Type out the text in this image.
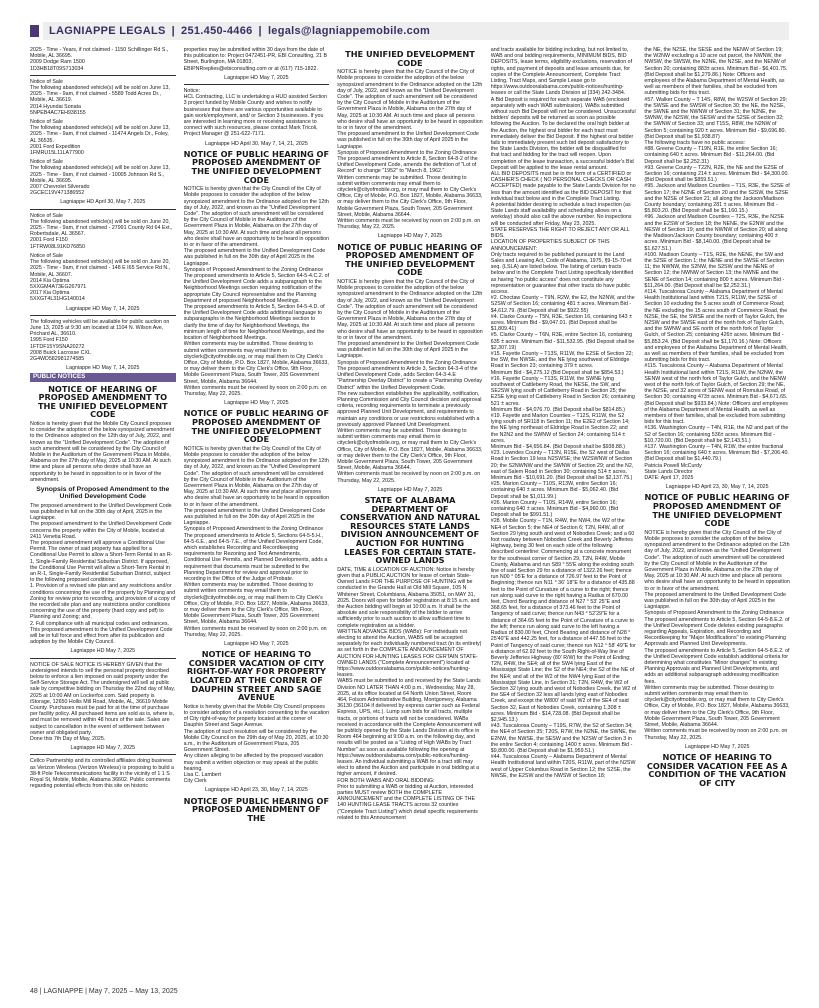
LAGNIAPPE LEGALS | 251.450-4466 | legals@lagniappemobile.com

2025 - Time - Years, if not claimed - 1150 Schillinger Rd S., Mobile, AL 36695.
2009 Dodge Ram 1500
1D3HB18T09S713034

Notice of Sale
The following abandoned vehicle(s) will be sold on June 13, 2025 - Time - 9am, if not claimed - 5589 Todd Acres Dr., Mobile, AL 36619.
2014 Hyundai Sonata
5NPEB4AC7EH938155

Notice of Sale
The following abandoned vehicle(s) will be sold on June 13, 2025 - Time - 9am, if not claimed - 11474 Angels Dr., Foley, AL 36535.
2001 Ford Expedition
1FMRU15L11LA77900

Notice of Sale
The following abandoned vehicle(s) will be sold on June 13, 2025 - Time - 9am, if not claimed - 10005 Johnson Rd S., Mobile, AL 36695.
2007 Chevrolet Silverado
2GCEC19V471386552

Lagniappe HD April 30, May 7, 2025

Notice of Sale
The following abandoned vehicle(s) will be sold on June 20, 2025 - Time - 9am, if not claimed - 27991 County Rd 64 Ext., Robertsdale, AL 36567.
2001 Ford F150
1FTRW08L91KD76850

Notice of Sale
The following abandoned vehicle(s) will be sold on June 20, 2025 - Time - 9am, if not claimed - 148 E I65 Service Rd N., Mobile, AL 36607.
2014 Kia Optima
5XXGM4A73EG267971
2017 Kia Optima
5XXGT4L31HG140014

Lagniappe HD May 7, 14, 2025

The following vehicles will be available for public auction on June 13, 2025 at 9:30 am located at 1104 N. Wilson Ave, Prichard AL, 36610.
1995 Ford F150
1FTDF15Y9SNA20272
2008 Buick Lacrosse CXL
2G4WD582981274585

Lagniappe HD May 7, 14, 2025
PUBLIC NOTICES
NOTICE OF HEARING OF PROPOSED AMENDMENT TO THE UNIFIED DEVELOPMENT CODE

Notice is hereby given that the Mobile City Council proposes to consider the adoption of the below synopsized amendment to the Ordinance adopted on the 12th day of July, 2022, and known as the "Unified Development Code". The adoption of such amendment will be considered by the City Council of Mobile in the Auditorium of the Government Plaza in Mobile, Alabama on the 27th day of May, 2025 at 10:30 AM. At such time and place all persons who desire shall have an opportunity to be heard in opposition to or in favor of the amendment.

Synopsis of Proposed Amendment to the Unified Development Code

The proposed amendment to the Unified Development Code was published in full on the 30th day of April, 2025 in the Lagniappe.
The proposed amendment to the Unified Development Code concerns the property within the City of Mobile, located at 2411 Venetia Road.
The proposed amendment will approve a Conditional Use Permit. The owner of said property has applied for a Conditional Use Permit to allow a Short-Term Rental in an R-1, Single-Family Residential Suburban District. If approved, the Conditional Use Permit will allow a Short-Term Rental in an R-1, Single-Family Residential Suburban District, subject to the following proposed conditions:
1. Provision of a revised site plan and any restrictions and/or conditions concerning the use of the property by Planning and Zoning for review prior to recording, and provision of a copy of the recorded site plan and any restrictions and/or conditions concerning the use of the property (hard copy and pdf) to Planning and Zoning; and,
2. Full compliance with all municipal codes and ordinances. This proposed amendment to the Unified Development Code will be in full force and effect from after its publication and adoption by the Mobile City Council.

Lagniappe HD May 7, 2025

NOTICE OF SALE NOTICE IS HEREBY GIVEN that the undersigned intends to sell the personal property described below to enforce a lien imposed on said property under the Self-Service Storage Act. The undersigned will sell at public sale by competitive bidding on Thursday the 22nd day of May, 2025 at 10:00 AM on Lockerfox.com. Said property is iStorage, 12650 Hollis Mill Road, Mobile, AL, 36619 Mobile County. Purchases must be paid for at the time of purchase per facility policy. All purchased items are sold as is, where is, and must be removed within 48 hours of the sale. Sales are subject to cancellation in the event of settlement between owner and obligated party.
Done this 7th Day of May, 2025.

Lagniappe HD May 7, 2025

Cellco Partnership and its controlled affiliates doing business as Verizon Wireless (Verizon Wireless) is proposing to build a 38-ft Pole Telecommunications facility in the vicinity of 1 1 S Royal St, Mobile, Mobile, Alabama 36602. Public comments regarding potential effects from this site on historic

properties may be submitted within 30 days from the date of this publication to: Project 0472451-PR, EBI Consulting, 21 B Street, Burlington, MA 01803, EBIPNRreplies@ebiconsulting.com or at (617) 715-1822.

Lagniappe HD May 7, 2025

Notice:
HCL Contracting, LLC is undertaking a HUD assisted Section 3 project funded by Mobile County and wishes to notify businesses that there are various opportunities available to gain work/employment, and/ or Section 3 businesses. If you are interested in learning more or receiving assistance to connect with such resources, please contact Mark Tricoli, Project Manager @ 251-622-7171.

Lagniappe HD April 30, May 7, 14, 21, 2025
NOTICE OF PUBLIC HEARING OF PROPOSED AMENDMENT OF THE UNIFIED DEVELOPMENT CODE

NOTICE is hereby given that the City Council of the City of Mobile proposes to consider the adoption of the below synopsized amendment to the Ordinance adopted on the 12th day of July, 2022, and known as the "Unified Development Code". The adoption of such amendment will be considered by the City Council of Mobile in the Auditorium of the Government Plaza in Mobile, Alabama on the 27th day of May, 2025 at 10:30 AM. At such time and place all persons who desire shall have an opportunity to be heard in opposition to or in favor of the amendment.
The proposed amendment to the Unified Development Code was published in full on the 30th day of April 2025 in the Lagniappe.
Synopsis of Proposed Amendment to the Zoning Ordinance
The proposed amendments to Article 5, Section 64-5-4.C.2. of the Unified Development Code adds a subparagraph to the Neighborhood Meetings section requiring notification of the appropriate City Council representative and the Planning Department of proposed Neighborhood Meetings.
The proposed amendments to Article 5, Section 64-5-4.D. of the Unified Development Code adds additional language to subparagraphs in the Neighborhood Meetings section to clarify the time of day for Neighborhood Meetings, the minimum length of time for Neighborhood Meetings, and the location of Neighborhood Meetings.
Written comments may be submitted. Those desiring to submit written comments may email them to cityclerk@cityofmobile.org, or may mail them to City Clerk's Office, City of Mobile, P.O. Box 1827, Mobile, Alabama 36633, or may deliver them to the City Clerk's Office, 9th Floor, Mobile Government Plaza, South Tower, 205 Government Street, Mobile, Alabama 36644.
Written comments must be received by noon on 2:00 p.m. on Thursday, May 22, 2025.

Lagniappe HD May 7, 2025
NOTICE OF PUBLIC HEARING OF PROPOSED AMENDMENT OF THE UNIFIED DEVELOPMENT CODE

NOTICE is hereby given that the City Council of the City of Mobile proposes to consider the adoption of the below synopsized amendment to the Ordinance adopted on the 12th day of July, 2022, and known as the "Unified Development Code". The adoption of such amendment will be considered by the City Council of Mobile in the Auditorium of the Government Plaza in Mobile, Alabama on the 27th day of May, 2025 at 10:30 AM. At such time and place all persons who desire shall have an opportunity to be heard in opposition to or in favor of the amendment.
The proposed amendment to the Unified Development Code was published in full on the 30th day of April 2025 in the Lagniappe.
Synopsis of Proposed Amendment to the Zoning Ordinance
The proposed amendments to Article 5, Sections 64-5-5.H., 64-5-6.E., and 64-5-7.E., of the Unified Development Code, which establishes Recording and Recordkeeping requirements for Rezoning and Text Amendments, Conditional Use Permits, and Planned Developments, adds a requirement that documents must be submitted to the Planning Department for review and approval prior to recording in the Office of the Judge of Probate.
Written comments may be submitted. Those desiring to submit written comments may email them to cityclerk@cityofmobile.org, or may mail them to City Clerk's Office, City of Mobile, P.O. Box 1827, Mobile, Alabama 36633, or may deliver them to the City Clerk's Office, 9th Floor, Mobile Government Plaza, South Tower, 205 Government Street, Mobile, Alabama 36644.
Written comments must be received by noon on 2:00 p.m. on Thursday, May 22, 2025.

Lagniappe HD May 7, 2025
NOTICE OF HEARING TO CONSIDER VACATION OF CITY RIGHT-OF-WAY FOR PROPERTY LOCATED AT THE CORNER OF DAUPHIN STREET AND SAGE AVENUE

Notice is hereby given that the Mobile City Council proposes to consider adoption of a resolution consenting to the vacation of City right-of-way for property located at the corner of Dauphin Street and Sage Avenue.
The adoption of such resolution will be considered by the Mobile City Council on the 29th day of May 20, 2025, at 10:30 a.m., in the Auditorium of Government Plaza, 205 Government Street.
Any citizen alleging to be affected by the proposed vacation may submit a written objection or may speak at the public hearing.
Lisa C. Lambert
City Clerk

Lagniappe HD April 23, 30, May 7, 14, 2025
NOTICE OF PUBLIC HEARING OF PROPOSED AMENDMENT OF THE
THE UNIFIED DEVELOPMENT CODE

NOTICE is hereby given that the City Council of the City of Mobile proposes to consider the adoption of the below synopsized amendment to the Ordinance adopted on the 12th day of July, 2022, and known as the "Unified Development Code". The adoption of such amendment will be considered by the City Council of Mobile in the Auditorium of the Government Plaza in Mobile, Alabama on the 27th day of May, 2025 at 10:30 AM. At such time and place all persons who desire shall have an opportunity to be heard in opposition to or in favor of the amendment.
The proposed amendment to the Unified Development Code was published in full on the 30th day of April 2025 in the Lagniappe.
Synopsis of Proposed Amendment to the Zoning Ordinance
The proposed amendment to Article 8, Section 64-8-2 of the Unified Development Code, amends the definition of "Lot of Record" to change "1952" to "March 8, 1962."
Written comments may be submitted. Those desiring to submit written comments may email them to cityclerk@cityofmobile.org, or may mail them to City Clerk's Office, City of Mobile, P.O. Box 1827, Mobile, Alabama 36633, or may deliver them to the City Clerk's Office, 9th Floor, Mobile Government Plaza, South Tower, 205 Government Street, Mobile, Alabama 36644.
Written comments must be received by noon on 2:00 p.m. on Thursday, May 22, 2025.

Lagniappe HD May 7, 2025
NOTICE OF PUBLIC HEARING OF PROPOSED AMENDMENT OF THE UNIFIED DEVELOPMENT CODE

NOTICE is hereby given that the City Council of the City of Mobile proposes to consider the adoption of the below synopsized amendment to the Ordinance adopted on the 12th day of July, 2022, and known as the "Unified Development Code". The adoption of such amendment will be considered by the City Council of Mobile in the Auditorium of the Government Plaza in Mobile, Alabama on the 27th day of May, 2025 at 10:30 AM. At such time and place all persons who desire shall have an opportunity to be heard in opposition to or in favor of the amendment.
The proposed amendment to the Unified Development Code was published in full on the 30th day of April 2025 in the Lagniappe.
Synopsis of Proposed Amendment to the Zoning Ordinance
The proposed amendment to Article 3, Section 64-3-4 of the Unified Development Code, adds Section 64-3-4.E "Partnership Overlay District" to create a "Partnership Overlay District" within the Unified Development Code.
The new subsection establishes the applicability, notification, Planning Commission and City Council decision and approval criteria, recording requirements to terminate a previously approved Planned Unit Development, and requirements to maintain any conditions or use restrictions established with a previously approved Planned Unit Development.
Written comments may be submitted. Those desiring to submit written comments may email them to cityclerk@cityofmobile.org, or may mail them to City Clerk's Office, City of Mobile, P.O. Box 1827, Mobile, Alabama 36633, or may deliver them to the City Clerk's Office, 9th Floor, Mobile Government Plaza, South Tower, 205 Government Street, Mobile, Alabama 36644.
Written comments must be received by noon on 2:00 p.m. on Thursday, May 22, 2025.

Lagniappe HD May 7, 2025
STATE OF ALABAMA DEPARTMENT OF CONSERVATION AND NATURAL RESOURCES STATE LANDS DIVISION ANNOUNCEMENT OF AUCTION FOR HUNTING LEASES FOR CERTAIN STATE-OWNED LANDS

DATE, TIME & LOCATION OF AUCTION: Notice is hereby given that a PUBLIC AUCTION for lease of certain State-Owned Lands FOR THE PURPOSE OF HUNTING will be conducted in the Grande Hall at Old Mill Square, 105 N Whitener Street, Columbiana, Alabama 35051, on MAY 31, 2025. Doors will open for bidder registration at 8:15 a.m. and the Auction bidding will begin at 10:00 a.m. It shall be the absolute and sole responsibility of the bidder to arrive sufficiently prior to such auction to allow sufficient time to complete registration as a bidder.
WRITTEN ADVANCE BIDS (WABs): For individuals not electing to attend the Auction, WABS will be accepted separately for each individually numbered tract (in its entirety) as set forth in the COMPLETE ANNOUNCEMENT OF AUCTION FOR HUNTING LEASES FOR CERTAIN STATE-OWNED LANDS ("Complete Announcement") located at https://www.outdooralabama.com/public-notices/hunting-leases.
WABS must be submitted to and received by the State Lands Division NO LATER THAN 4:00 p.m., Wednesday, May 28, 2025, at its office located at 64 North Union Street, Room 464, Folsom Administrative Building, Montgomery, Alabama 36130 (36104 if delivered by express carrier such as Federal Express, UPS, etc.). Lump sum bids for all tracts, multiple tracts, or portions of tracts will not be considered. WABs received in accordance with the Complete Announcement will be publicly opened by the State Lands Division at its office in Room 464 beginning at 9:00 a.m. on the following day, and results will be posted as a "Listing of High WABs by Tract Number" as soon as available following the opening at https://www.outdooralabama.com/public-notices/hunting-leases. An individual submitting a WAB for a tract still may elect to attend the Auction and participate in oral bidding at a higher amount, if desired.
FOR BOTH WABS AND ORAL BIDDING:
Prior to submitting a WAB or bidding at Auction, interested parties MUST review BOTH the COMPLETE ANNOUNCEMENT and the COMPLETE LISTING OF THE 140 HUNTING LEASE TRACTS across 32 counties ("Complete Tract Listing") which detail specific requirements related to this Announcement

and tracts available for bidding including, but not limited to, WAB and oral bidding requirements, MINIMUM BIDS, BID DEPOSITS, lease terms, eligibility exclusions, reservation of rights, and payment of deposits and lease amounts due, for copies of the Complete Announcement, Complete Tract Listing, Tract Maps, and Sample Lease go to https://www.outdooralabama.com/public-notices/hunting-leases or call the State Lands Division at (334) 242-3484.
A Bid Deposit is required for each separate WAB (enclosed separately with each WAB submission). WABs submitted without such Bid Deposit will not be considered. Unsuccessful bidders' deposits will be returned as soon as possible following the Auction. To be declared the oral high bidder at the Auction, the highest oral bidder for each tract must immediately deliver the Bid Deposit. If the highest oral bidder fails to immediately present such bid deposit satisfactory to the State Lands Division, the bidder will be disqualified for that tract and bidding for the tract will reopen. Upon completion of the lease transaction, a successful bidder's Bid Deposit will be applied to the lease rental amount.
ALL BID DEPOSITS must be in the form of a CERTIFIED or CASHIER'S CHECK ( NO PERSONAL CHECKS OR CASH ACCEPTED) made payable to the State Lands Division for no less than the amount identified as the BID DEPOSIT for that individual tract below and in the Complete Tract Listing.
A potential bidder desiring to schedule a tract inspection (as State Lands staff availability and scheduling allows on a workday) should also call the above number. No inspections will be conducted after Friday, May 23, 2025.
STATE RESERVES THE RIGHT TO REJECT ANY OR ALL BIDS.
LOCATION OF PROPERTIES SUBJECT OF THIS ANNOUNCEMENT:
Only tracts required to be published pursuant to the Land Sales and Leasing Act, Code of Alabama, 1975, §9-15-70 et seq. (LSLA) are listed below. The listing of certain tracts below and in the Complete Tract Listing specifically identified as having "no public access" does not constitute any representation or guarantee that other tracts do have public access.
#2. Choctaw County – T9N, R2W, the E2, the N2NW, and the S2SW of Section 16; containing 481 ± acres. Minimum Bid - $4,612.79. (Bid Deposit shall be $922.55)
#4. Clarke County – T5N, R3E, Section 16, containing 643 ± acres. Minimum Bid - $9,047.01. (Bid Deposit shall be $1,809.41)
#5. Clarke County – T6N, R3E, entire Section 16, containing 635 ± acres. Minimum Bid - $11,532.95. (Bid Deposit shall be $2,307.19)
#15. Fayette County – T13S, R11W, the E2SE of Section 22; the SW, the NWSE, and the NE lying southwest of Eldridge Road in Section 23; containing 379 ± acres.
Minimum Bid - $4,275.12 (Bid Deposit shall be $854.53.)
#16. Fayette County – T13S, R11W, the SWNE lying southwest of Cattleberry Road, the NESE, the SW, and SE2SW lying south of Cattleberry Road in Section 25; the E2SE lying east of Cattleberry Road in Section 26; containing 521 ± acres.
Minimum Bid - $4,076.70. (Bid Deposit shall be $814.85.)
#19. Fayette and Marion Counties – T12S, R11W, the S2 lying south of SR118 in Section 11; the E2E2 of Section 14; the NE lying northeast of Eldridge Road in Section 22; and the N2N2 and the SWNW of Section 24; containing 514 ± acres.
Minimum Bid - $4,656.84. (Bid Deposit shall be $938.88.)
#23. Lowndes County – T13N, R15E, the S2 west of Dallas Road in Section 19 less N2SWSE; the W2SWNW of Section 20; the S2NWNW and the SWNW of Section 29; and the N2, east of Salem Road in Section 30; containing 514 ± acres.
Minimum Bid - $10,691.20. (Bid Deposit shall be $2,137.75.)
#25. Marion County – T10S, R13W, entire Section 16; containing 640 ± acres. Minimum Bid - $5,062.40. (Bid Deposit shall be $1,011.99.)
#26. Marion County – T10S, R14W, entire Section 16; containing 640 ± acres. Minimum Bid - $4,960.00. (Bid Deposit shall be $991.51.)
#28. Mobile County – T1N, R4W, the NW4, the W2 of the NE4 of Section 5; the NE4 of Section 6; T2N, R4W, all of Section 29 lying south and west of Nobodies Creek; and a 60 foot roadway between Nobodies Creek and Beverly Jefferies Highway, being 30 feet on each side of the following described centerline: Commencing at a concrete monument for the southeast corner of Section 29, T2N, R4W, Mobile County, Alabama and run S89 ° 55'E along the existing south line of said Section 29 for a distance of 1322.26 feet; thence run N00 ° 05'E for a distance of 726.97 feet to the Point of Beginning; thence run N11 ° 36' 18"E for a distance of 435.88 feet to the Point of Curvature of a curve to the right; thence run along said curve to the right having a Radius of 670.00 feet, Chord Bearing and distance of N27 ° 53' 25"E and 368.65 feet, for a distance of 373.46 feet to the Point of Tangency of said curve; thence run N43 ° 52'29"E for a distance of 364.65 feet to the Point of Curvature of a curve to the left; thence run along said curve to the left having a Radius of 830.00 feet, Chord Bearing and distance of N28 ° 25'40"E and 442.25 feet, for a distance of 447.55 feet to the Point of Tangency of said curve; thence run N12 ° 58' 49"E for a distance of 62.92 feet to the South Right-of-Way line of Beverly Jefferies Highway (80' R/W) for the Point of Ending; T2N, R4W, the SE4; all of the SW4 lying East of the Mississippi State Line; the S2 of the NE4; the S2 of the NE of the NE4; and all of the W2 of the NW4 lying East of the Mississippi State Line, in Section 31; T2N, R4W, the W2 of Section 32 lying south and west of Nobodies Creek, the W2 of the SE4 of Section 32 less all lands lying east of Nobodies Creek, and except the W800' of said W2 of the SE4 of said Section 32, East of Nobodies Creek, containing 1,308 ± acres. Minimum Bid - $14,728.08. (Bid Deposit shall be $2,945.13.)
#43. Tuscaloosa County – T19S, R7W, the S2 of Section 34; the NE4 of Section 35; T20S, R7W, the N2NE, the SWNE, the E2NW, the NWSE, the SESW and the N2SW of Section 3 in the entire Section 4; containing 1400 ± acres. Minimum Bid - $9,800.00. (Bid Deposit shall be $1,959.51.)
#44. Tuscaloosa County – Alabama Department of Mental Health Institutional land within T20S, R11W, part of the N2SW west of Upper Columbus Road in Section 12; the S2SE, the NWSE, the E2SW and the NWSW of Section 18;

the NE, the N2SE, the SESE and the NENW of Section 19; the W2NW excluding a 10 acre out parcel, the NWNW, the NWSW, the SWSW, the N2NE, the N2SE, and the NENW of Section 20; containing 883± acres. Minimum Bid - $6,401.75. (Bid Deposit shall be $1,279.86.) Note: Officers and employees of the Alabama Department of Mental Health, as well as members of their families, shall be excluded from submitting bids for this tract.
#57. Walker County – T 14S, R8W, the W2SW of Section 29; the SWSE and the SWSW of Section 30; the NE, the N2SE, the SWNE and the NWNW of Section 31; the N2NE, the SWNW, the N2SW, the SESW and the S2SE of Section 32; the SWNW of Section 33; and T15S, R8W, the N2NW of Section 5; containing 920 ± acres. Minimum Bid - $9,696.80. (Bid Deposit shall be $1,938.87)
The following tracts have no public access:
#88. Greene County – T19N, R1E, the entire Section 16; containing 640 ± acres. Minimum Bid - $11,264.00. (Bid Deposit shall be $2,252.31)
#93. Greene County – T22N, R2E, the NE and the E2SE of Section 16; containing 214 ± acres. Minimum Bid - $4,300.00. (Bid Deposit shall be $859.51.)
#95. Jackson and Madison Counties – T1S, R3E, the S2SE of Section 17; the N2NE of Section 20 and the S2SW, the S2SE and the N2SE of Section 21; all along the Jackson/Madison County boundary; containing 281 ± acres. Minimum Bid - $5,803.20. (Bid Deposit shall be $1,160.15.)
#96. Jackson and Madison Counties – T2S, R3E, the N2SE and the E2SW of Section 18; the NENE, the E2NW and the NESW of Section 19; and the NWNW of Section 20; all along the Madison/Jackson County boundary; containing 400 ± acres. Minimum Bid - $8,140.00. (Bid Deposit shall be $1,627.51.)
#100. Madison County – T1S, R2E, the NENE, the SW and the S2SE of Section 1; the NENE and the SWSE of Section 11; the NWNW, the S2NW, the S2SW and the NENE of Section 12; the NWNW of Section 13; the NWNE and the SENE of Section 14; containing 800 ± acres. Minimum Bid - $11,264.00. (Bid Deposit shall be $2,252.31.)
#114. Tuscaloosa County – Alabama Department of Mental Health Institutional land within T21S, R11W, the S2SE of Section 10 excluding the 5 acres south of Commerce Road; the NE excluding the 15 acres south of Commerce Road, the N2SE, the SE, the SWSE and the north of Taylor Gulch, the N2SW and the SWSE east of the north fork of Taylor Gulch, and the SWNW and SE north of the north fork of Taylor Gulch, of Section 25; containing 426± acres. Minimum Bid - $5,853.24. (Bid Deposit shall be $1,170.16.) Note: Officers and employees of the Alabama Department of Mental Health, as well as members of their families, shall be excluded from submitting bids for this tract.
#115. Tuscaloosa County – Alabama Department of Mental Health Institutional land within T21S, R11W, the N2NW, the SENW west of the north fork of Taylor Gulch, and the NENW west of the north fork of Taylor Gulch, of Section 29; the NE, the N2SE, and 32 acres of SENW east of Romulus Road, of Section 30; containing 473± acres. Minimum Bid - $4,671.65. (Bid Deposit shall be $933.84.) Note: Officers and employees of the Alabama Department of Mental Health, as well as members of their families, shall be excluded from submitting bids for this tract.
#136. Washington County – T4N, R1E, the N2 and part of the S2 of Section 16; containing 536± acres. Minimum Bid - $10,720.00. (Bid Deposit shall be $2,143.51.)
#137. Washington County – T4N, R1W, the entire fractional Section 16; containing 640 ± acres. Minimum Bid - $7,206.40. (Bid Deposit shall be $1,440.79.)
Patricia Powell McCurdy
State Lands Director
DATE: April 17, 2025

Lagniappe HD April 23, 30, May 7, 14, 2025
NOTICE OF PUBLIC HEARING OF PROPOSED AMENDMENT OF THE UNIFIED DEVELOPMENT CODE

NOTICE is hereby given that the City Council of the City of Mobile proposes to consider the adoption of the below synopsized amendment to the Ordinance adopted on the 12th day of July, 2022, and known as the "Unified Development Code". The adoption of such amendment will be considered by the City Council of Mobile in the Auditorium of the Government Plaza in Mobile, Alabama on the 27th day of May, 2025 at 10:30 AM. At such time and place all persons who desire shall have an opportunity to be heard in opposition to or in favor of the amendment.
The proposed amendment to the Unified Development Code was published in full on the 30th day of April 2025 in the Lagniappe.
Synopsis of Proposed Amendment to the Zoning Ordinance
The proposed amendments to Article 5, Section 64-5-8.E.2. of the Unified Development Code deletes existing paragraphs regarding Appeals, Expiration, and Recording and Recordkeeping for "Major Modifications" to existing Planning Approvals and Planned Unit Developments.
The proposed amendments to Article 5, Section 64-5-8.E.2. of the Unified Development Code establish additional criteria for determining what constitutes "Minor changes" to existing Planning Approvals and Planned Unit Developments, and adds an additional subparagraph addressing modification fees.
Written comments may be submitted. Those desiring to submit written comments may email them to cityclerk@cityofmobile.org, or may mail them to City Clerk's Office, City of Mobile, P.O. Box 1827, Mobile, Alabama 36633, or may deliver them to the City Clerk's Office, 9th Floor, Mobile Government Plaza, South Tower, 205 Government Street, Mobile, Alabama 36644.
Written comments must be received by noon on 2:00 p.m. on Thursday, May 22, 2025.

Lagniappe HD May 7, 2025
NOTICE OF HEARING TO CONSIDER VACATION FEE AS A CONDITION OF THE VACATION OF CITY
48 | LAGNIAPPE | May 7, 2025 – May 13, 2025
